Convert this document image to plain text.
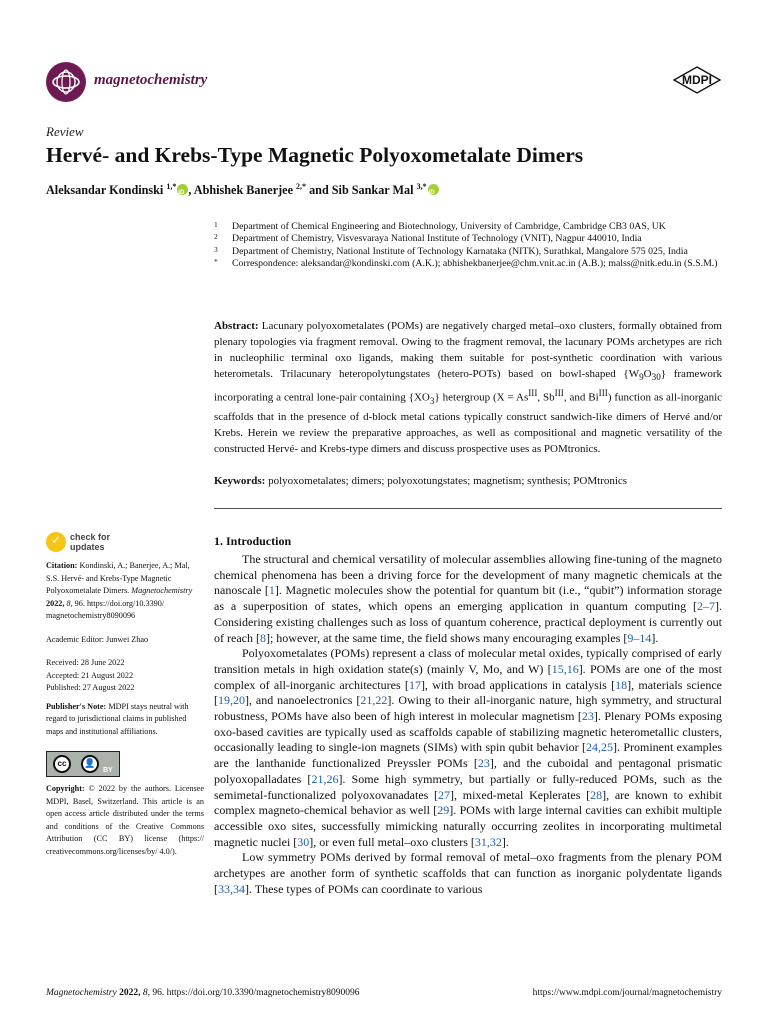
magnetochemistry	MDPI
Review
Hervé- and Krebs-Type Magnetic Polyoxometalate Dimers
Aleksandar Kondinski $^{1,*}$iD , Abhishek Banerjee $^{2,*}$ and Sib Sankar Mal $^{3,*}$iD
1 Department of Chemical Engineering and Biotechnology, University of Cambridge, Cambridge CB3 0AS, UK
2 Department of Chemistry, Visvesvaraya National Institute of Technology (VNIT), Nagpur 440010, India
3 Department of Chemistry, National Institute of Technology Karnataka (NITK), Surathkal, Mangalore 575 025, India
* Correspondence: aleksandar@kondinski.com (A.K.); abhishekbanerjee@chm.vnit.ac.in (A.B.); malss@nitk.edu.in (S.S.M.)
Abstract: Lacunary polyoxometalates (POMs) are negatively charged metal–oxo clusters, formally obtained from plenary topologies via fragment removal. Owing to the fragment removal, the lacunary POMs archetypes are rich in nucleophilic terminal oxo ligands, making them suitable for post-synthetic coordination with various heterometals. Trilacunary heteropolytungstates (hetero-POTs) based on bowl-shaped $\{W_9O_{30}\}$ framework incorporating a central lone-pair containing $\{XO_3\}$ hetergroup ($X = As^{III}$, $Sb^{III}$, and $Bi^{III}$) function as all-inorganic scaffolds that in the presence of d-block metal cations typically construct sandwich-like dimers of Hervé and/or Krebs. Herein we review the preparative approaches, as well as compositional and magnetic versatility of the constructed Hervé- and Krebs-type dimers and discuss prospective uses as POMtronics.
Keywords: polyoxometalates; dimers; polyoxotungstates; magnetism; synthesis; POMtronics
✓
check for
updates

Citation: Kondinski, A.; Banerjee, A.; Mal, S.S. Hervé- and Krebs-Type Magnetic Polyoxometalate Dimers. Magnetochemistry 2022, 8, 96. https://doi.org/10.3390/ magnetochemistry8090096

Academic Editor: Junwei Zhao

Received: 28 June 2022
Accepted: 21 August 2022
Published: 27 August 2022

Publisher's Note: MDPI stays neutral with regard to jurisdictional claims in published maps and institutional affiliations.

cc	👤
BY

Copyright: © 2022 by the authors. Licensee MDPI, Basel, Switzerland. This article is an open access article distributed under the terms and conditions of the Creative Commons Attribution (CC BY) license (https:// creativecommons.org/licenses/by/ 4.0/).

1. Introduction

The structural and chemical versatility of molecular assemblies allowing fine-tuning of the magneto chemical phenomena has been a driving force for the development of many magnetic chemicals at the nanoscale [1]. Magnetic molecules show the potential for quantum bit (i.e., “qubit”) information storage as a superposition of states, which opens an emerging application in quantum computing [2–7]. Considering existing challenges such as loss of quantum coherence, practical deployment is currently out of reach [8]; however, at the same time, the field shows many encouraging examples [9–14].

Polyoxometalates (POMs) represent a class of molecular metal oxides, typically comprised of early transition metals in high oxidation state(s) (mainly V, Mo, and W) [15,16]. POMs are one of the most complex of all-inorganic architectures [17], with broad applications in catalysis [18], materials science [19,20], and nanoelectronics [21,22]. Owing to their all-inorganic nature, high symmetry, and structural robustness, POMs have also been of high interest in molecular magnetism [23]. Plenary POMs exposing oxo-based cavities are typically used as scaffolds capable of stabilizing magnetic heterometallic clusters, occasionally leading to single-ion magnets (SIMs) with spin qubit behavior [24,25]. Prominent examples are the lanthanide functionalized Preyssler POMs [23], and the cuboidal and pentagonal prismatic polyoxopalladates [21,26]. Some high symmetry, but partially or fully-reduced POMs, such as the semimetal-functionalized polyoxovanadates [27], mixed-metal Keplerates [28], are known to exhibit complex magneto-chemical behavior as well [29]. POMs with large internal cavities can exhibit multiple accessible oxo sites, successfully mimicking naturally occurring zeolites in incorporating multimetal magnetic nuclei [30], or even full metal–oxo clusters [31,32].

Low symmetry POMs derived by formal removal of metal–oxo fragments from the plenary POM archetypes are another form of synthetic scaffolds that can function as inorganic polydentate ligands [33,34]. These types of POMs can coordinate to various

Magnetochemistry 2022, 8, 96. https://doi.org/10.3390/magnetochemistry8090096	https://www.mdpi.com/journal/magnetochemistry
